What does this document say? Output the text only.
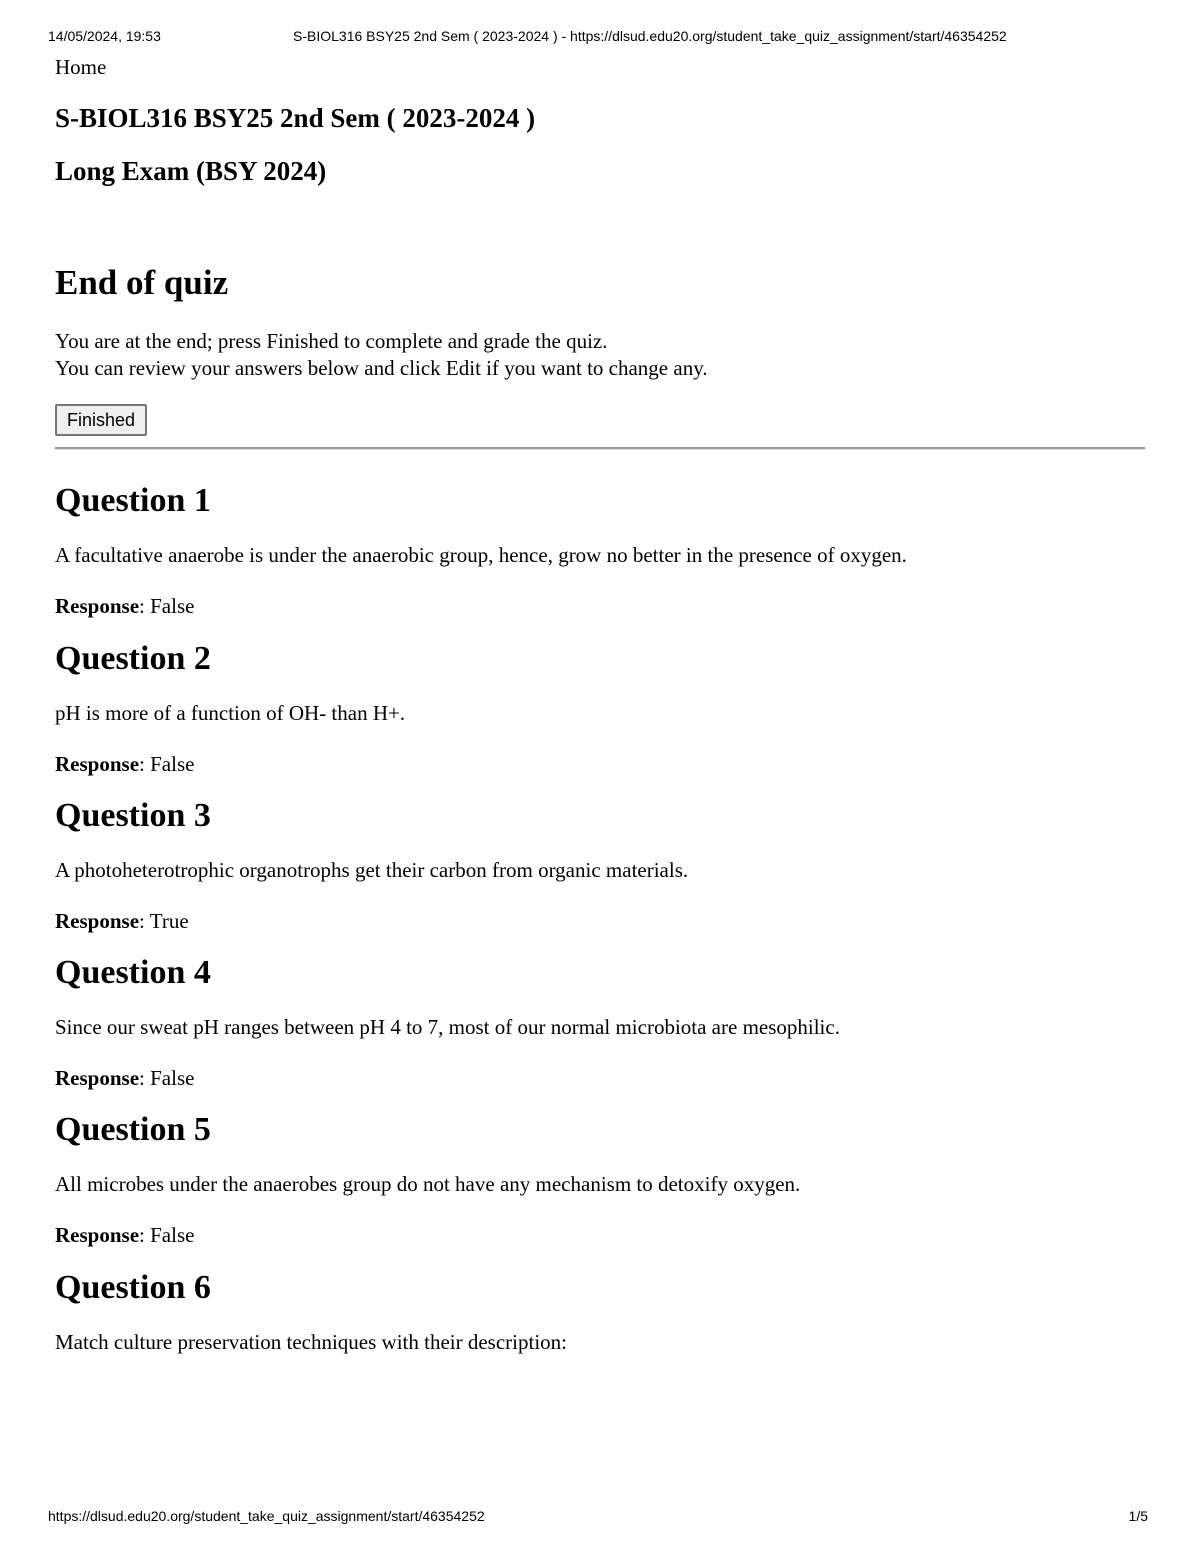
14/05/2024, 19:53	S-BIOL316 BSY25 2nd Sem ( 2023-2024 ) - https://dlsud.edu20.org/student_take_quiz_assignment/start/46354252
Home
S-BIOL316 BSY25 2nd Sem ( 2023-2024 )
Long Exam (BSY 2024)
End of quiz

You are at the end; press Finished to complete and grade the quiz.
You can review your answers below and click Edit if you want to change any.

Finished
Question 1

A facultative anaerobe is under the anaerobic group, hence, grow no better in the presence of oxygen.

Response: False

Question 2

pH is more of a function of OH- than H+.

Response: False

Question 3

A photoheterotrophic organotrophs get their carbon from organic materials.

Response: True

Question 4

Since our sweat pH ranges between pH 4 to 7, most of our normal microbiota are mesophilic.

Response: False

Question 5

All microbes under the anaerobes group do not have any mechanism to detoxify oxygen.

Response: False

Question 6

Match culture preservation techniques with their description:

https://dlsud.edu20.org/student_take_quiz_assignment/start/46354252	1/5
